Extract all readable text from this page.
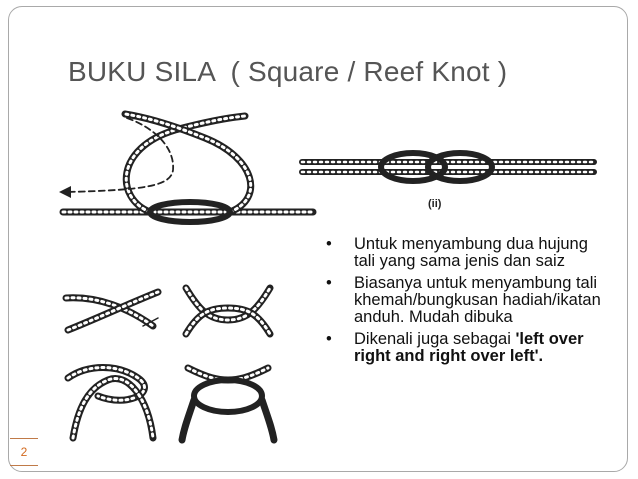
BUKU SILA  ( Square / Reef Knot )
(ii)
• Untuk menyambung dua hujung tali yang sama jenis dan saiz
• Biasanya untuk menyambung tali khemah/bungkusan hadiah/ikatan anduh. Mudah dibuka
• Dikenali juga sebagai 'left over right and right over left'.
2
